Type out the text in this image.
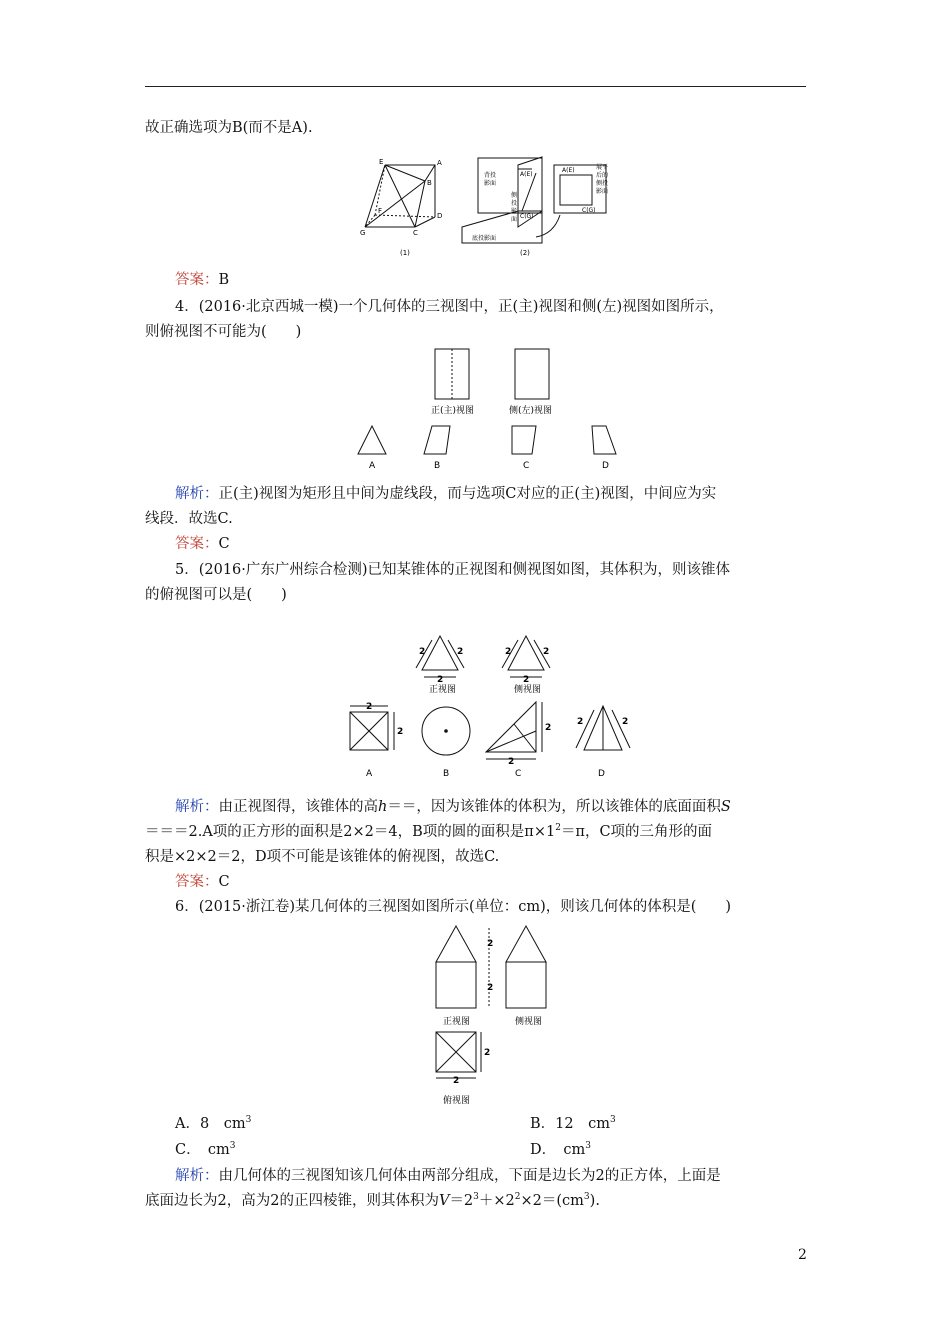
故正确选项为B(而不是A).
E	A
B
F
D
G	C
(1)
背投
影面
底投影面
侧
投
影
面
A(E)
C(G)
A(E)
C(G)
展平
后的
侧投
影面
(2)
答案：B
4．(2016·北京西城一模)一个几何体的三视图中，正(主)视图和侧(左)视图如图所示，
则俯视图不可能为(　　)
正(主)视图	侧(左)视图
A	B	C	D
解析：正(主)视图为矩形且中间为虚线段，而与选项C对应的正(主)视图，中间应为实
线段．故选C.
答案：C
5．(2016·广东广州综合检测)已知某锥体的正视图和侧视图如图，其体积为，则该锥体
的俯视图可以是(　　)
2	2
2
2	2
2
2
2
2
2
2	2
正视图	侧视图
A	B	C	D
解析：由正视图得，该锥体的高h＝＝，因为该锥体的体积为，所以该锥体的底面面积S
＝＝＝2.A项的正方形的面积是2×2＝4，B项的圆的面积是$\pi\times 1^2=\pi$，C项的三角形的面
积是×2×2＝2，D项不可能是该锥体的俯视图，故选C.
答案：C
6．(2015·浙江卷)某几何体的三视图如图所示(单位：cm)，则该几何体的体积是(　　)
2
2
2
2
正视图	侧视图
俯视图
A．8　$cm^3$	B．12　$cm^3$
C．　$cm^3$	D．　$cm^3$
解析：由几何体的三视图知该几何体由两部分组成，下面是边长为2的正方体，上面是
底面边长为2，高为2的正四棱锥，则其体积为$V=2^3+\times 2^2\times 2=(cm^3)$.
2
